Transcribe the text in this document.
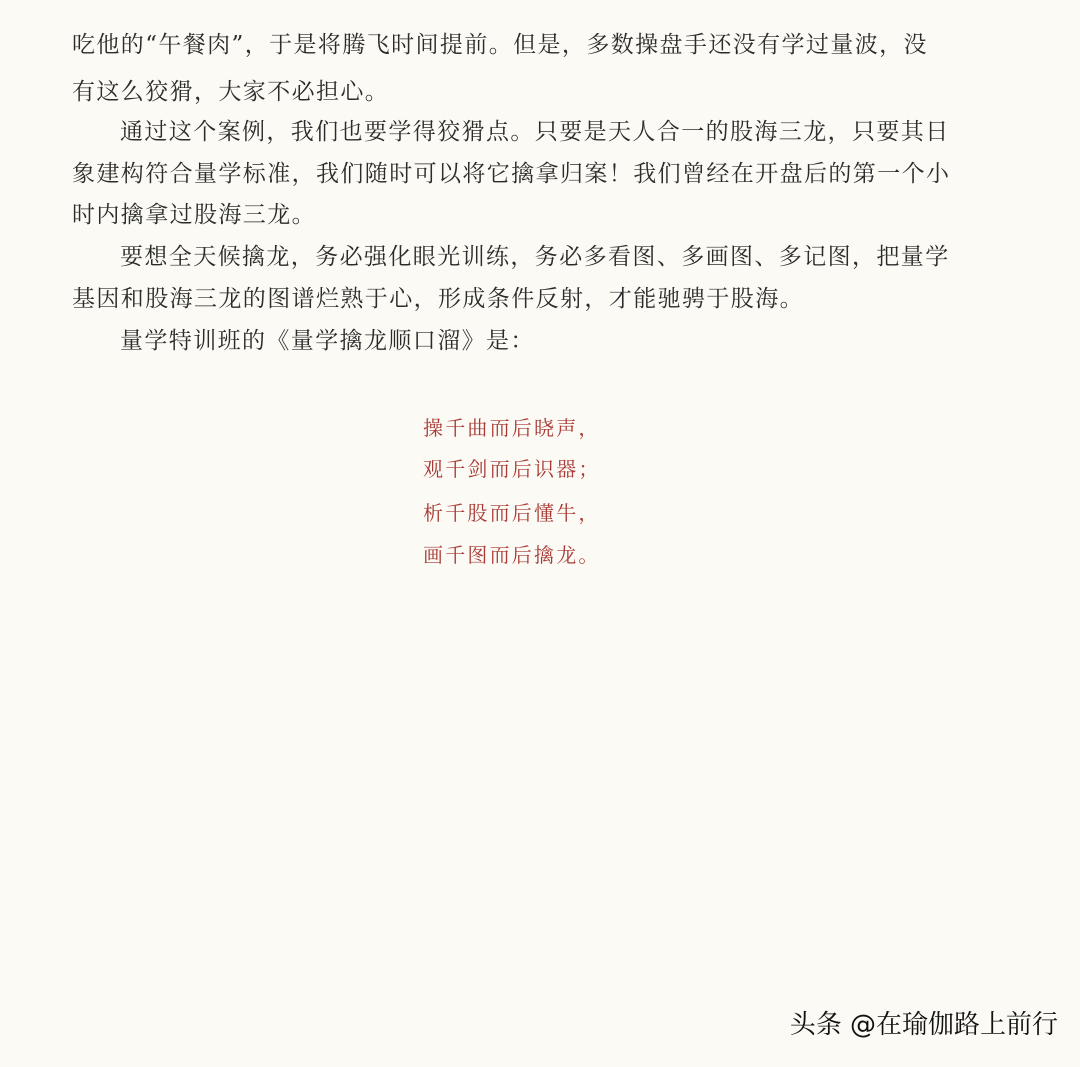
吃他的“午餐肉”，于是将腾飞时间提前。但是，多数操盘手还没有学过量波，没
有这么狡猾，大家不必担心。
通过这个案例，我们也要学得狡猾点。只要是天人合一的股海三龙，只要其日
象建构符合量学标准，我们随时可以将它擒拿归案！我们曾经在开盘后的第一个小
时内擒拿过股海三龙。
要想全天候擒龙，务必强化眼光训练，务必多看图、多画图、多记图，把量学
基因和股海三龙的图谱烂熟于心，形成条件反射，才能驰骋于股海。
量学特训班的《量学擒龙顺口溜》是：
操千曲而后晓声，
观千剑而后识器；
析千股而后懂牛，
画千图而后擒龙。
头条 @在瑜伽路上前行
